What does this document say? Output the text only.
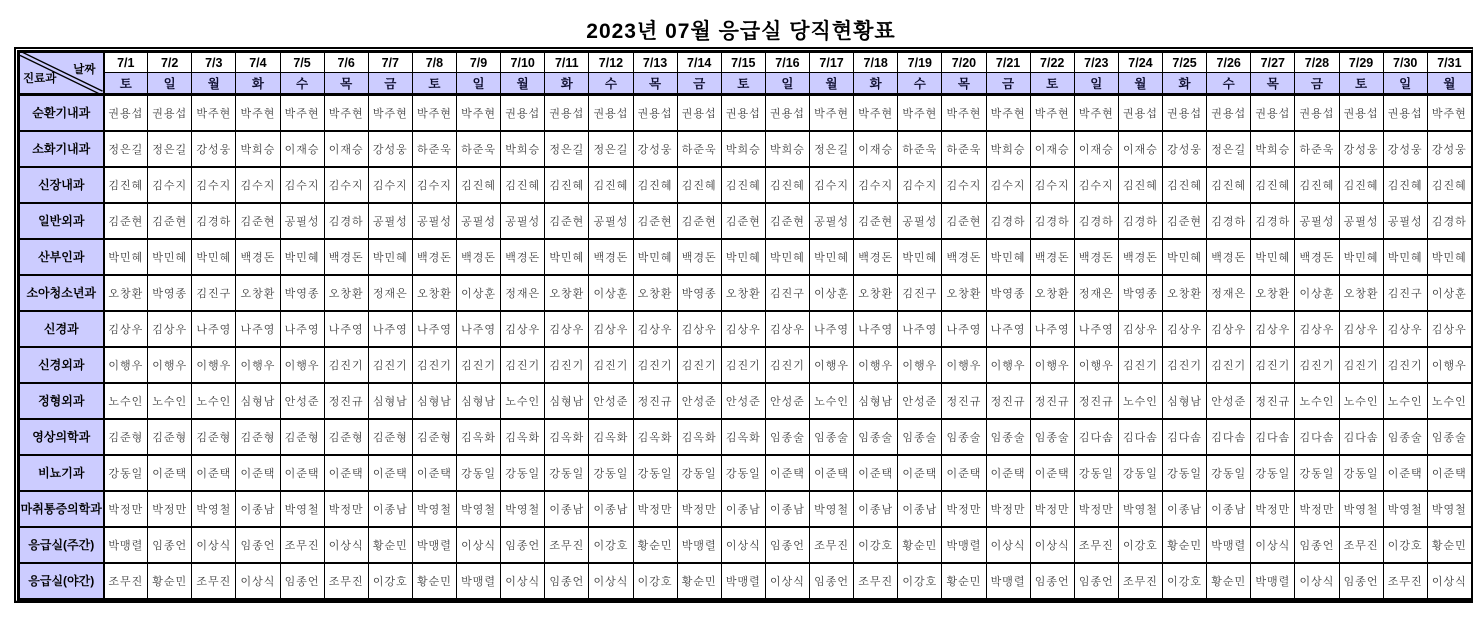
2023년 07월 응급실 당직현황표
날짜
진료과	7/1	7/2	7/3	7/4	7/5	7/6	7/7	7/8	7/9	7/10	7/11	7/12	7/13	7/14	7/15	7/16	7/17	7/18	7/19	7/20	7/21	7/22	7/23	7/24	7/25	7/26	7/27	7/28	7/29	7/30	7/31
	토	일	월	화	수	목	금	토	일	월	화	수	목	금	토	일	월	화	수	목	금	토	일	월	화	수	목	금	토	일	월
순환기내과	권용섭	권용섭	박주현	박주현	박주현	박주현	박주현	박주현	박주현	권용섭	권용섭	권용섭	권용섭	권용섭	권용섭	권용섭	박주현	박주현	박주현	박주현	박주현	박주현	박주현	권용섭	권용섭	권용섭	권용섭	권용섭	권용섭	권용섭	박주현
소화기내과	정은길	정은길	강성웅	박희승	이재승	이재승	강성웅	하준욱	하준욱	박희승	정은길	정은길	강성웅	하준욱	박희승	박희승	정은길	이재승	하준욱	하준욱	박희승	이재승	이재승	이재승	강성웅	정은길	박희승	하준욱	강성웅	강성웅	강성웅
신장내과	김진혜	김수지	김수지	김수지	김수지	김수지	김수지	김수지	김진혜	김진혜	김진혜	김진혜	김진혜	김진혜	김진혜	김진혜	김수지	김수지	김수지	김수지	김수지	김수지	김수지	김진혜	김진혜	김진혜	김진혜	김진혜	김진혜	김진혜	김진혜
일반외과	김준현	김준현	김경하	김준현	공필성	김경하	공필성	공필성	공필성	공필성	김준현	공필성	김준현	김준현	김준현	김준현	공필성	김준현	공필성	김준현	김경하	김경하	김경하	김경하	김준현	김경하	김경하	공필성	공필성	공필성	김경하
산부인과	박민혜	박민혜	박민혜	백경돈	박민혜	백경돈	박민혜	백경돈	백경돈	백경돈	박민혜	백경돈	박민혜	백경돈	박민혜	박민혜	박민혜	백경돈	박민혜	백경돈	박민혜	백경돈	백경돈	백경돈	박민혜	백경돈	박민혜	백경돈	박민혜	박민혜	박민혜
소아청소년과	오창환	박영종	김진구	오창환	박영종	오창환	정재은	오창환	이상훈	정재은	오창환	이상훈	오창환	박영종	오창환	김진구	이상훈	오창환	김진구	오창환	박영종	오창환	정재은	박영종	오창환	정재은	오창환	이상훈	오창환	김진구	이상훈
신경과	김상우	김상우	나주영	나주영	나주영	나주영	나주영	나주영	나주영	김상우	김상우	김상우	김상우	김상우	김상우	김상우	나주영	나주영	나주영	나주영	나주영	나주영	나주영	김상우	김상우	김상우	김상우	김상우	김상우	김상우	김상우
신경외과	이행우	이행우	이행우	이행우	이행우	김진기	김진기	김진기	김진기	김진기	김진기	김진기	김진기	김진기	김진기	김진기	이행우	이행우	이행우	이행우	이행우	이행우	이행우	김진기	김진기	김진기	김진기	김진기	김진기	김진기	이행우
정형외과	노수인	노수인	노수인	심형남	안성준	정진규	심형남	심형남	심형남	노수인	심형남	안성준	정진규	안성준	안성준	안성준	노수인	심형남	안성준	정진규	정진규	정진규	정진규	노수인	심형남	안성준	정진규	노수인	노수인	노수인	노수인
영상의학과	김준형	김준형	김준형	김준형	김준형	김준형	김준형	김준형	김옥화	김옥화	김옥화	김옥화	김옥화	김옥화	김옥화	임종술	임종술	임종술	임종술	임종술	임종술	임종술	김다솜	김다솜	김다솜	김다솜	김다솜	김다솜	김다솜	임종술	임종술
비뇨기과	강동일	이준택	이준택	이준택	이준택	이준택	이준택	이준택	강동일	강동일	강동일	강동일	강동일	강동일	강동일	이준택	이준택	이준택	이준택	이준택	이준택	이준택	강동일	강동일	강동일	강동일	강동일	강동일	강동일	이준택	이준택
마취통증의학과	박정만	박정만	박영철	이종남	박영철	박정만	이종남	박영철	박영철	박영철	이종남	이종남	박정만	박정만	이종남	이종남	박영철	이종남	이종남	박정만	박정만	박정만	박정만	박영철	이종남	이종남	박정만	박정만	박영철	박영철	박영철
응급실(주간)	박맹렬	임종언	이상식	임종언	조무진	이상식	황순민	박맹렬	이상식	임종언	조무진	이강호	황순민	박맹렬	이상식	임종언	조무진	이강호	황순민	박맹렬	이상식	이상식	조무진	이강호	황순민	박맹렬	이상식	임종언	조무진	이강호	황순민
응급실(야간)	조무진	황순민	조무진	이상식	임종언	조무진	이강호	황순민	박맹렬	이상식	임종언	이상식	이강호	황순민	박맹렬	이상식	임종언	조무진	이강호	황순민	박맹렬	임종언	임종언	조무진	이강호	황순민	박맹렬	이상식	임종언	조무진	이상식
